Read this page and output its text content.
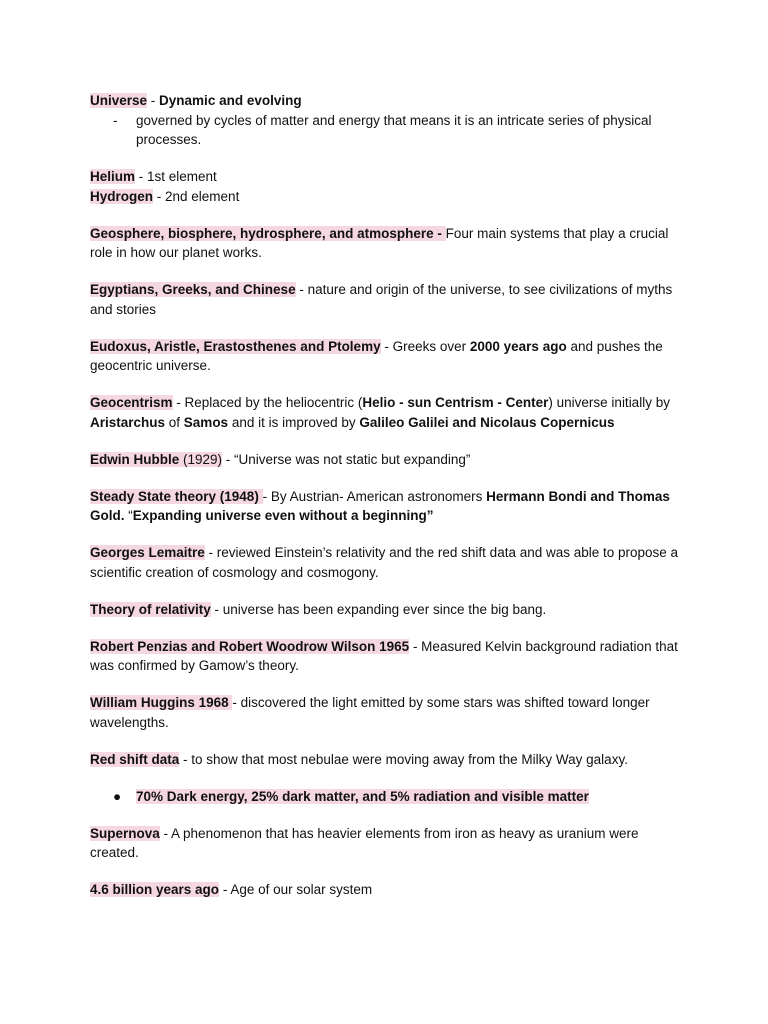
Universe - Dynamic and evolving
- governed by cycles of matter and energy that means it is an intricate series of physical processes.
Helium - 1st element
Hydrogen - 2nd element
Geosphere, biosphere, hydrosphere, and atmosphere - Four main systems that play a crucial role in how our planet works.
Egyptians, Greeks, and Chinese - nature and origin of the universe, to see civilizations of myths and stories
Eudoxus, Aristle, Erastosthenes and Ptolemy - Greeks over 2000 years ago and pushes the geocentric universe.
Geocentrism - Replaced by the heliocentric (Helio - sun Centrism - Center) universe initially by Aristarchus of Samos and it is improved by Galileo Galilei and Nicolaus Copernicus
Edwin Hubble (1929) - “Universe was not static but expanding”
Steady State theory (1948) - By Austrian- American astronomers Hermann Bondi and Thomas Gold. “Expanding universe even without a beginning”
Georges Lemaitre - reviewed Einstein’s relativity and the red shift data and was able to propose a scientific creation of cosmology and cosmogony.
Theory of relativity - universe has been expanding ever since the big bang.
Robert Penzias and Robert Woodrow Wilson 1965 - Measured Kelvin background radiation that was confirmed by Gamow’s theory.
William Huggins 1968 - discovered the light emitted by some stars was shifted toward longer wavelengths.
Red shift data - to show that most nebulae were moving away from the Milky Way galaxy.
● 70% Dark energy, 25% dark matter, and 5% radiation and visible matter
Supernova - A phenomenon that has heavier elements from iron as heavy as uranium were created.
4.6 billion years ago - Age of our solar system
